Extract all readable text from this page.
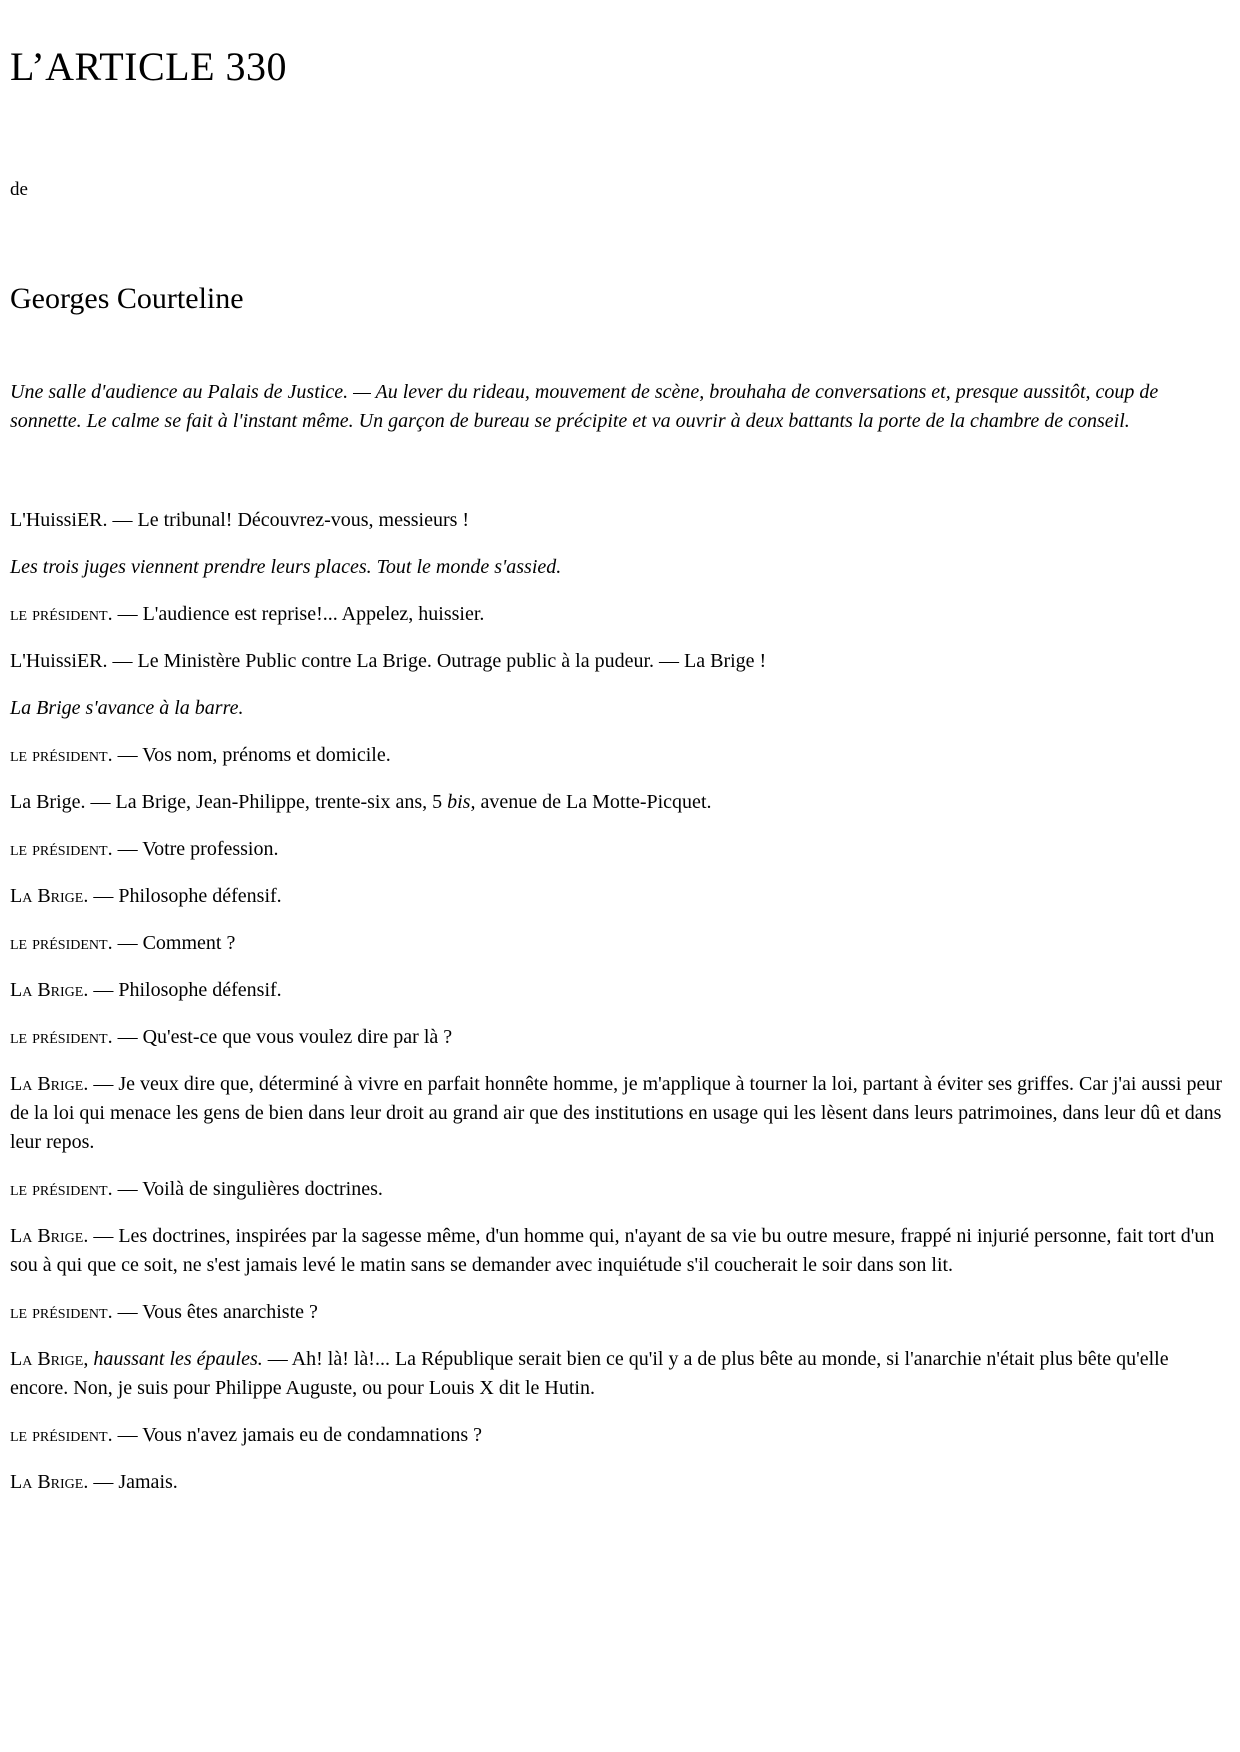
L’ARTICLE 330

de

Georges Courteline

Une salle d'audience au Palais de Justice. — Au lever du rideau, mouvement de scène, brouhaha de conversations et, presque aussitôt, coup de sonnette. Le calme se fait à l'instant même. Un garçon de bureau se précipite et va ouvrir à deux battants la porte de la chambre de conseil.

L'HuissiER. — Le tribunal! Découvrez-vous, messieurs !

Les trois juges viennent prendre leurs places. Tout le monde s'assied.

le président. — L'audience est reprise!... Appelez, huissier.

L'HuissiER. — Le Ministère Public contre La Brige. Outrage public à la pudeur. — La Brige !

La Brige s'avance à la barre.

le président. — Vos nom, prénoms et domicile.

La Brige. — La Brige, Jean-Philippe, trente-six ans, 5 bis, avenue de La Motte-Picquet.

le président. — Votre profession.

La Brige. — Philosophe défensif.

le président. — Comment ?

La Brige. — Philosophe défensif.

le président. — Qu'est-ce que vous voulez dire par là ?

La Brige. — Je veux dire que, déterminé à vivre en parfait honnête homme, je m'applique à tourner la loi, partant à éviter ses griffes. Car j'ai aussi peur de la loi qui menace les gens de bien dans leur droit au grand air que des institutions en usage qui les lèsent dans leurs patrimoines, dans leur dû et dans leur repos.

le président. — Voilà de singulières doctrines.

La Brige. — Les doctrines, inspirées par la sagesse même, d'un homme qui, n'ayant de sa vie bu outre mesure, frappé ni injurié personne, fait tort d'un sou à qui que ce soit, ne s'est jamais levé le matin sans se demander avec inquiétude s'il coucherait le soir dans son lit.

le président. — Vous êtes anarchiste ?

La Brige, haussant les épaules. — Ah! là! là!... La République serait bien ce qu'il y a de plus bête au monde, si l'anarchie n'était plus bête qu'elle encore. Non, je suis pour Philippe Auguste, ou pour Louis X dit le Hutin.

le président. — Vous n'avez jamais eu de condamnations ?

La Brige. — Jamais.
